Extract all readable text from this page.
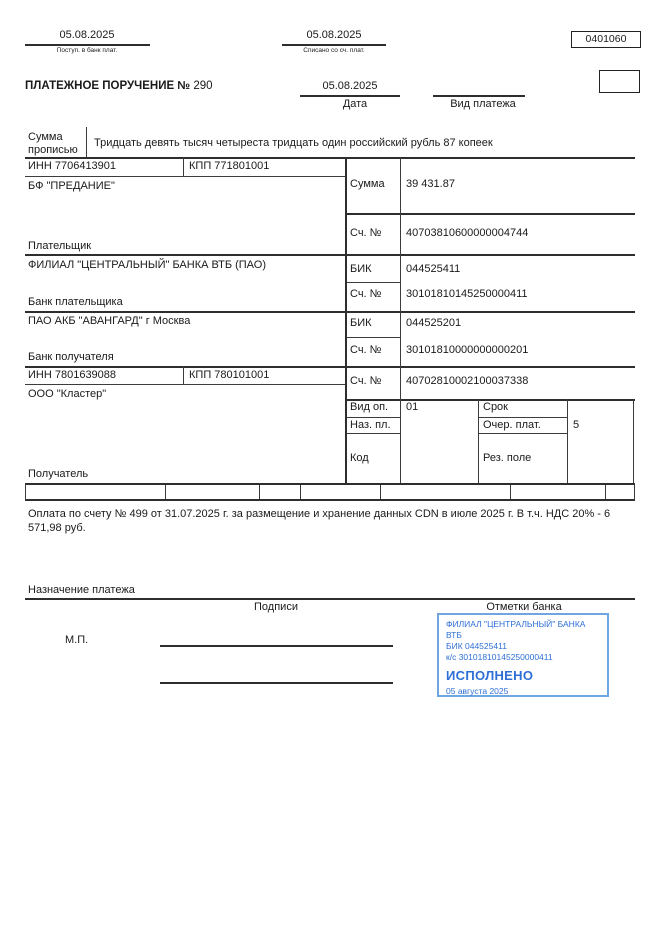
05.08.2025
Поступ. в банк плат.
05.08.2025
Списано со сч. плат.
0401060
ПЛАТЕЖНОЕ ПОРУЧЕНИЕ № 290	05.08.2025
Дата	Вид платежа
Сумма
прописью
Тридцать девять тысяч четыреста тридцать один российский рубль 87 копеек
ИНН 7706413901	КПП 771801001
БФ "ПРЕДАНИЕ"
Плательщик
Сумма 39 431.87
Сч. № 40703810600000004744
ФИЛИАЛ "ЦЕНТРАЛЬНЫЙ" БАНКА ВТБ (ПАО)
Банк плательщика
БИК	044525411
Сч. № 30101810145250000411
ПАО АКБ "АВАНГАРД" г Москва
Банк получателя
БИК	044525201
Сч. № 30101810000000000201
ИНН 7801639088	КПП 780101001
ООО "Кластер"
Получатель
Сч. № 40702810002100037338
Вид оп. 01	Срок
Наз. пл.	Очер. плат.	5
Код	Рез. поле
Оплата по счету № 499 от 31.07.2025 г. за размещение и хранение данных CDN в июле 2025 г. В т.ч. НДС 20% - 6 571,98 руб.
Назначение платежа
Подписи	Отметки банка
М.П.
ФИЛИАЛ "ЦЕНТРАЛЬНЫЙ" БАНКА ВТБ
БИК 044525411
к/с 30101810145250000411
ИСПОЛНЕНО
05 августа 2025
